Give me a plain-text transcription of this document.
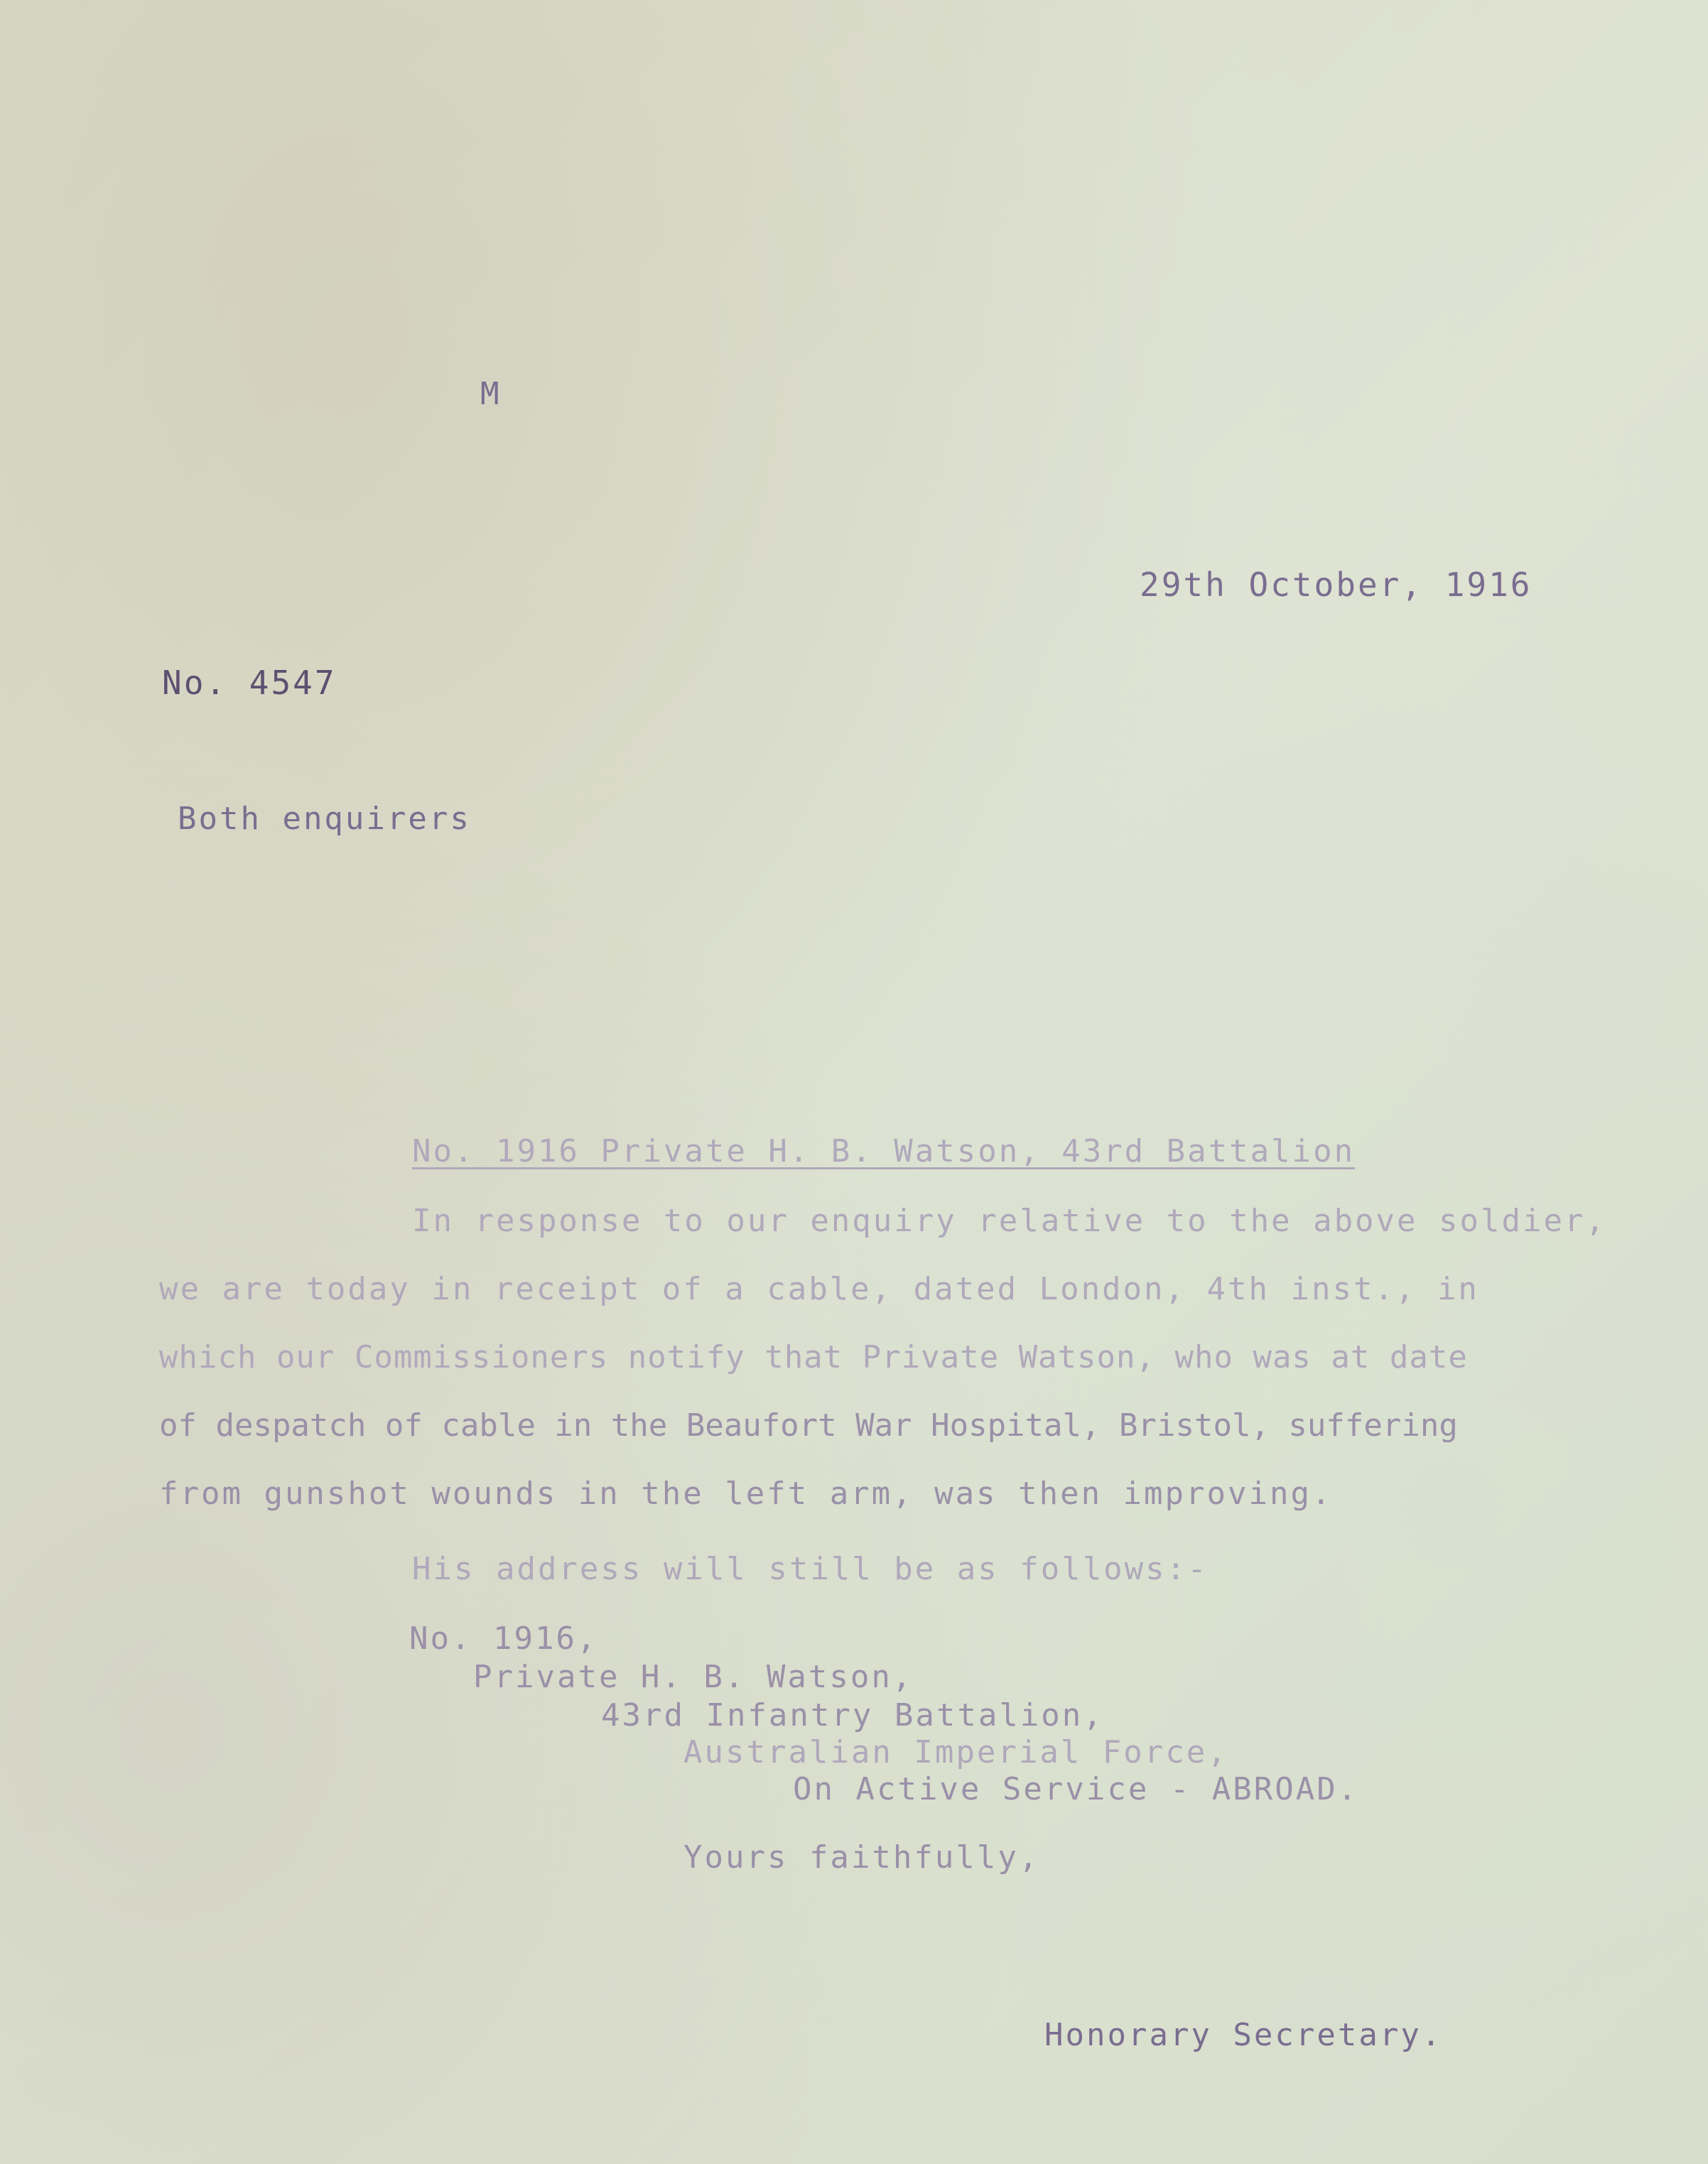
M
29th October, 1916
No. 4547
Both enquirers
No. 1916 Private H. B. Watson, 43rd Battalion
In response to our enquiry relative to the above soldier,
we are today in receipt of a cable, dated London, 4th inst., in
which our Commissioners notify that Private Watson, who was at date
of despatch of cable in the Beaufort War Hospital, Bristol, suffering
from gunshot wounds in the left arm, was then improving.
His address will still be as follows:-
No. 1916,
Private H. B. Watson,
43rd Infantry Battalion,
Australian Imperial Force,
On Active Service - ABROAD.
Yours faithfully,
Honorary Secretary.
